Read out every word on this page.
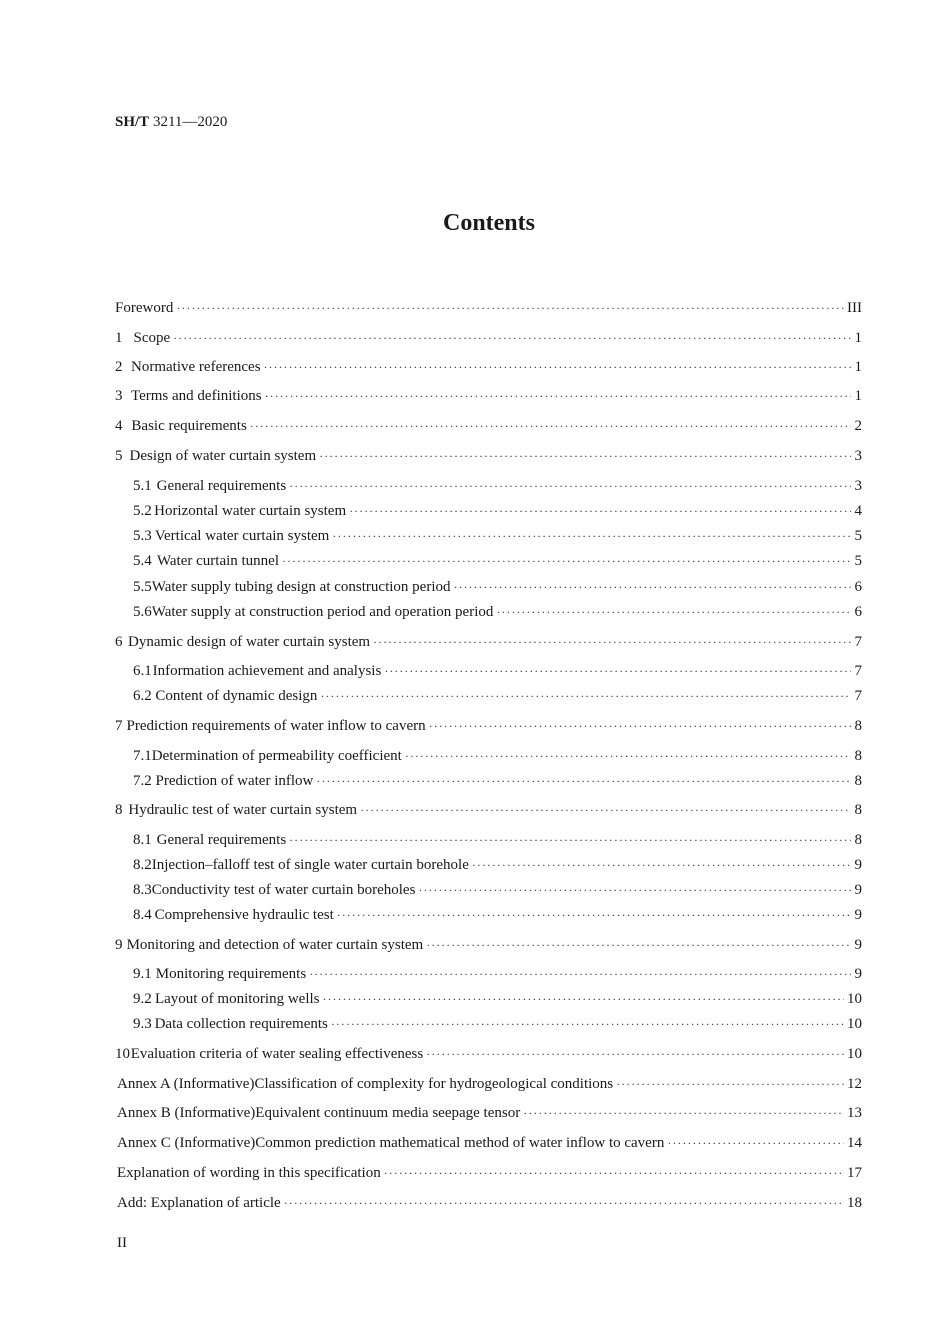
SH/T 3211—2020
Contents
Foreword ·····	III
1 Scope ·····	1
2 Normative references ·····	1
3 Terms and definitions ·····	1
4 Basic requirements ·····	2
5 Design of water curtain system ·····	3
5.1 General requirements ·····	3
5.2 Horizontal water curtain system ·····	4
5.3 Vertical water curtain system ·····	5
5.4 Water curtain tunnel ·····	5
5.5 Water supply tubing design at construction period ·····	6
5.6 Water supply at construction period and operation period ·····	6
6 Dynamic design of water curtain system ·····	7
6.1 Information achievement and analysis ·····	7
6.2 Content of dynamic design ·····	7
7 Prediction requirements of water inflow to cavern ·····	8
7.1 Determination of permeability coefficient ·····	8
7.2 Prediction of water inflow ·····	8
8 Hydraulic test of water curtain system ·····	8
8.1 General requirements ·····	8
8.2 Injection–falloff test of single water curtain borehole ·····	9
8.3 Conductivity test of water curtain boreholes ·····	9
8.4 Comprehensive hydraulic test ·····	9
9 Monitoring and detection of water curtain system ·····	9
9.1 Monitoring requirements ·····	9
9.2 Layout of monitoring wells ·····	10
9.3 Data collection requirements ·····	10
10 Evaluation criteria of water sealing effectiveness ·····	10
Annex A (Informative) Classification of complexity for hydrogeological conditions ·····	12
Annex B (Informative) Equivalent continuum media seepage tensor ·····	13
Annex C (Informative) Common prediction mathematical method of water inflow to cavern ·····	14
Explanation of wording in this specification ·····	17
Add: Explanation of article ·····	18
II
